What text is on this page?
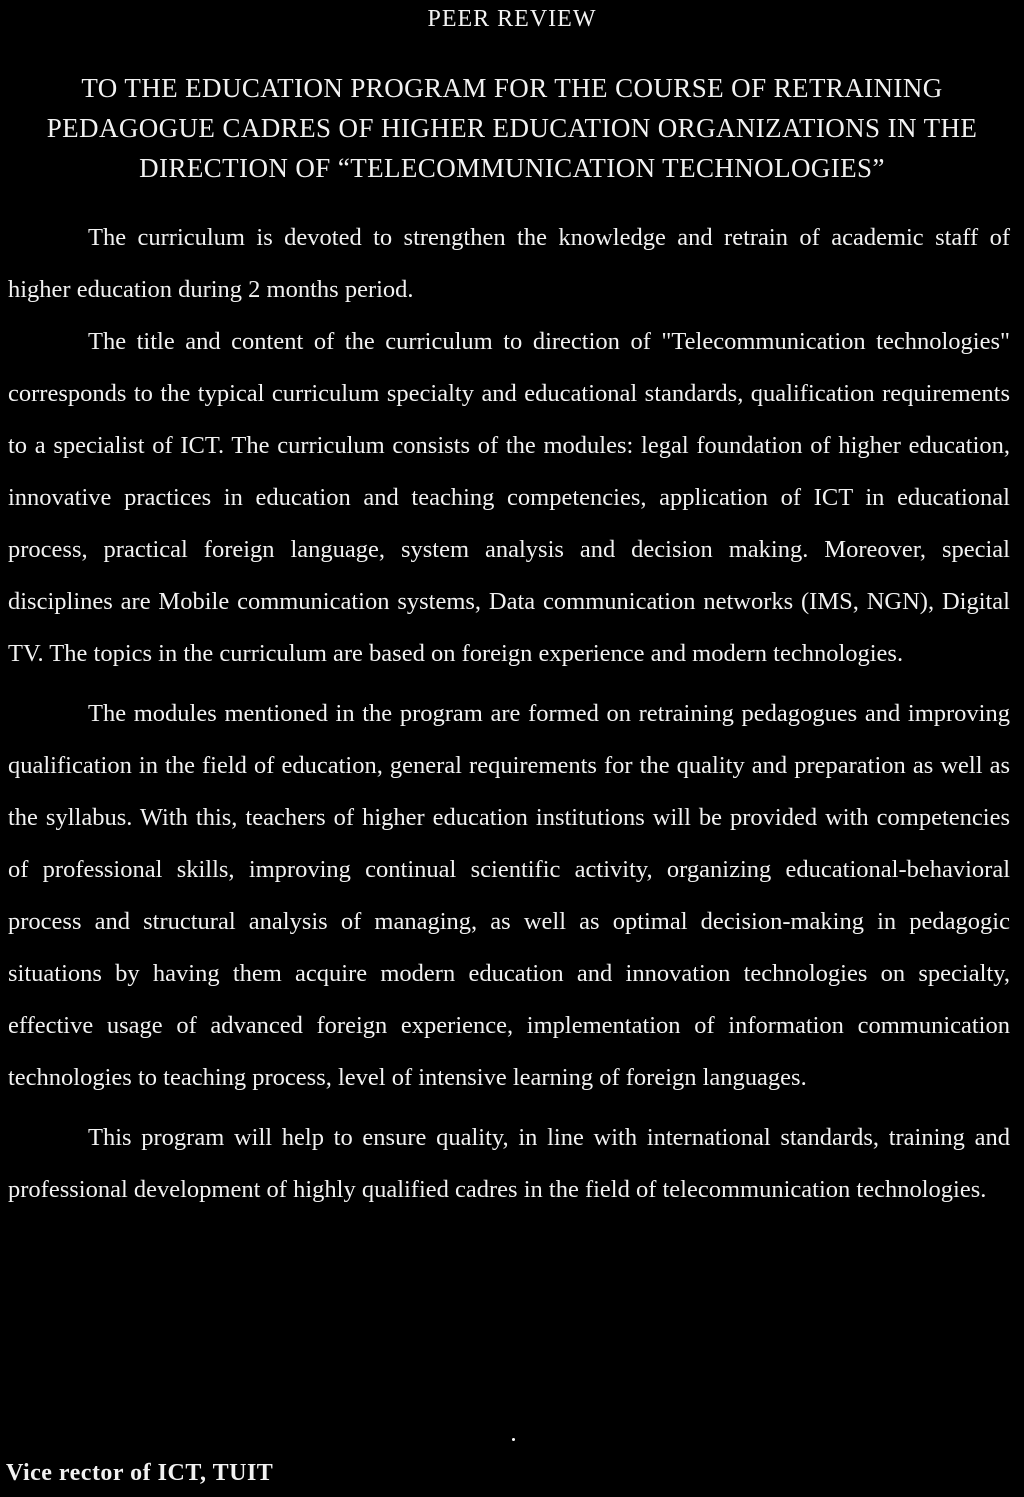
PEER REVIEW
TO THE EDUCATION PROGRAM FOR THE COURSE OF RETRAINING PEDAGOGUE CADRES OF HIGHER EDUCATION ORGANIZATIONS IN THE DIRECTION OF “TELECOMMUNICATION TECHNOLOGIES”

The curriculum is devoted to strengthen the knowledge and retrain of academic staff of higher education during 2 months period.

The title and content of the curriculum to direction of "Telecommunication technologies" corresponds to the typical curriculum specialty and educational standards, qualification requirements to a specialist of ICT. The curriculum consists of the modules: legal foundation of higher education, innovative practices in education and teaching competencies, application of ICT in educational process, practical foreign language, system analysis and decision making. Moreover, special disciplines are Mobile communication systems, Data communication networks (IMS, NGN), Digital TV. The topics in the curriculum are based on foreign experience and modern technologies.

The modules mentioned in the program are formed on retraining pedagogues and improving qualification in the field of education, general requirements for the quality and preparation as well as the syllabus. With this, teachers of higher education institutions will be provided with competencies of professional skills, improving continual scientific activity, organizing educational-behavioral process and structural analysis of managing, as well as optimal decision-making in pedagogic situations by having them acquire modern education and innovation technologies on specialty, effective usage of advanced foreign experience, implementation of information communication technologies to teaching process, level of intensive learning of foreign languages.

This program will help to ensure quality, in line with international standards, training and professional development of highly qualified cadres in the field of telecommunication technologies.

Vice rector of ICT, TUIT
